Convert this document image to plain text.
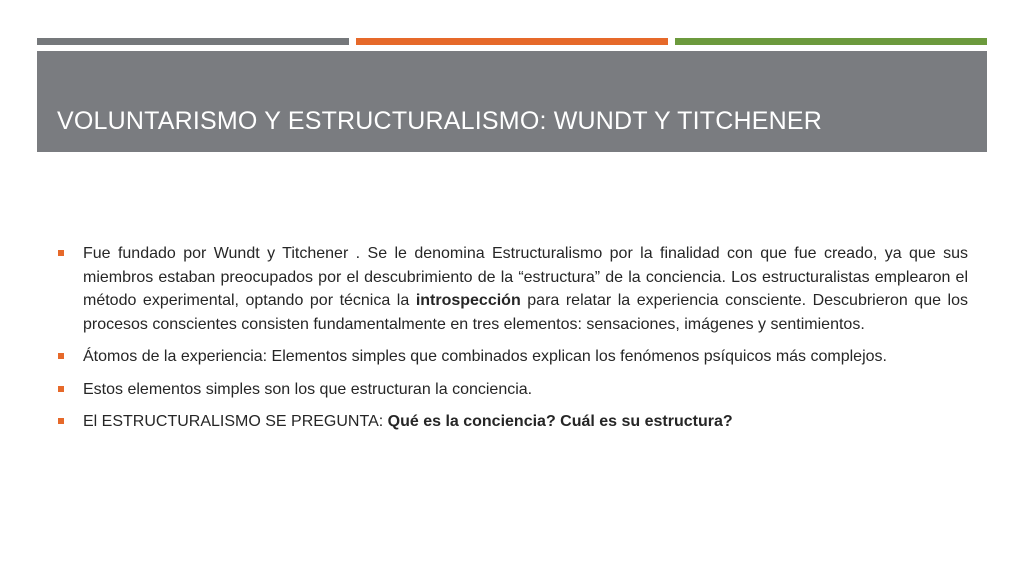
VOLUNTARISMO Y ESTRUCTURALISMO: WUNDT Y TITCHENER
Fue fundado por Wundt y Titchener . Se le denomina Estructuralismo por la finalidad con que fue creado, ya que sus miembros estaban preocupados por el descubrimiento de la “estructura” de la conciencia. Los estructuralistas emplearon el método experimental, optando por técnica la introspección para relatar la experiencia consciente. Descubrieron que los procesos conscientes consisten fundamentalmente en tres elementos: sensaciones, imágenes y sentimientos.
Átomos de la experiencia: Elementos simples que combinados explican los fenómenos psíquicos más complejos.
Estos elementos simples son los que estructuran la conciencia.
El ESTRUCTURALISMO SE PREGUNTA: Qué es la conciencia? Cuál es su estructura?
